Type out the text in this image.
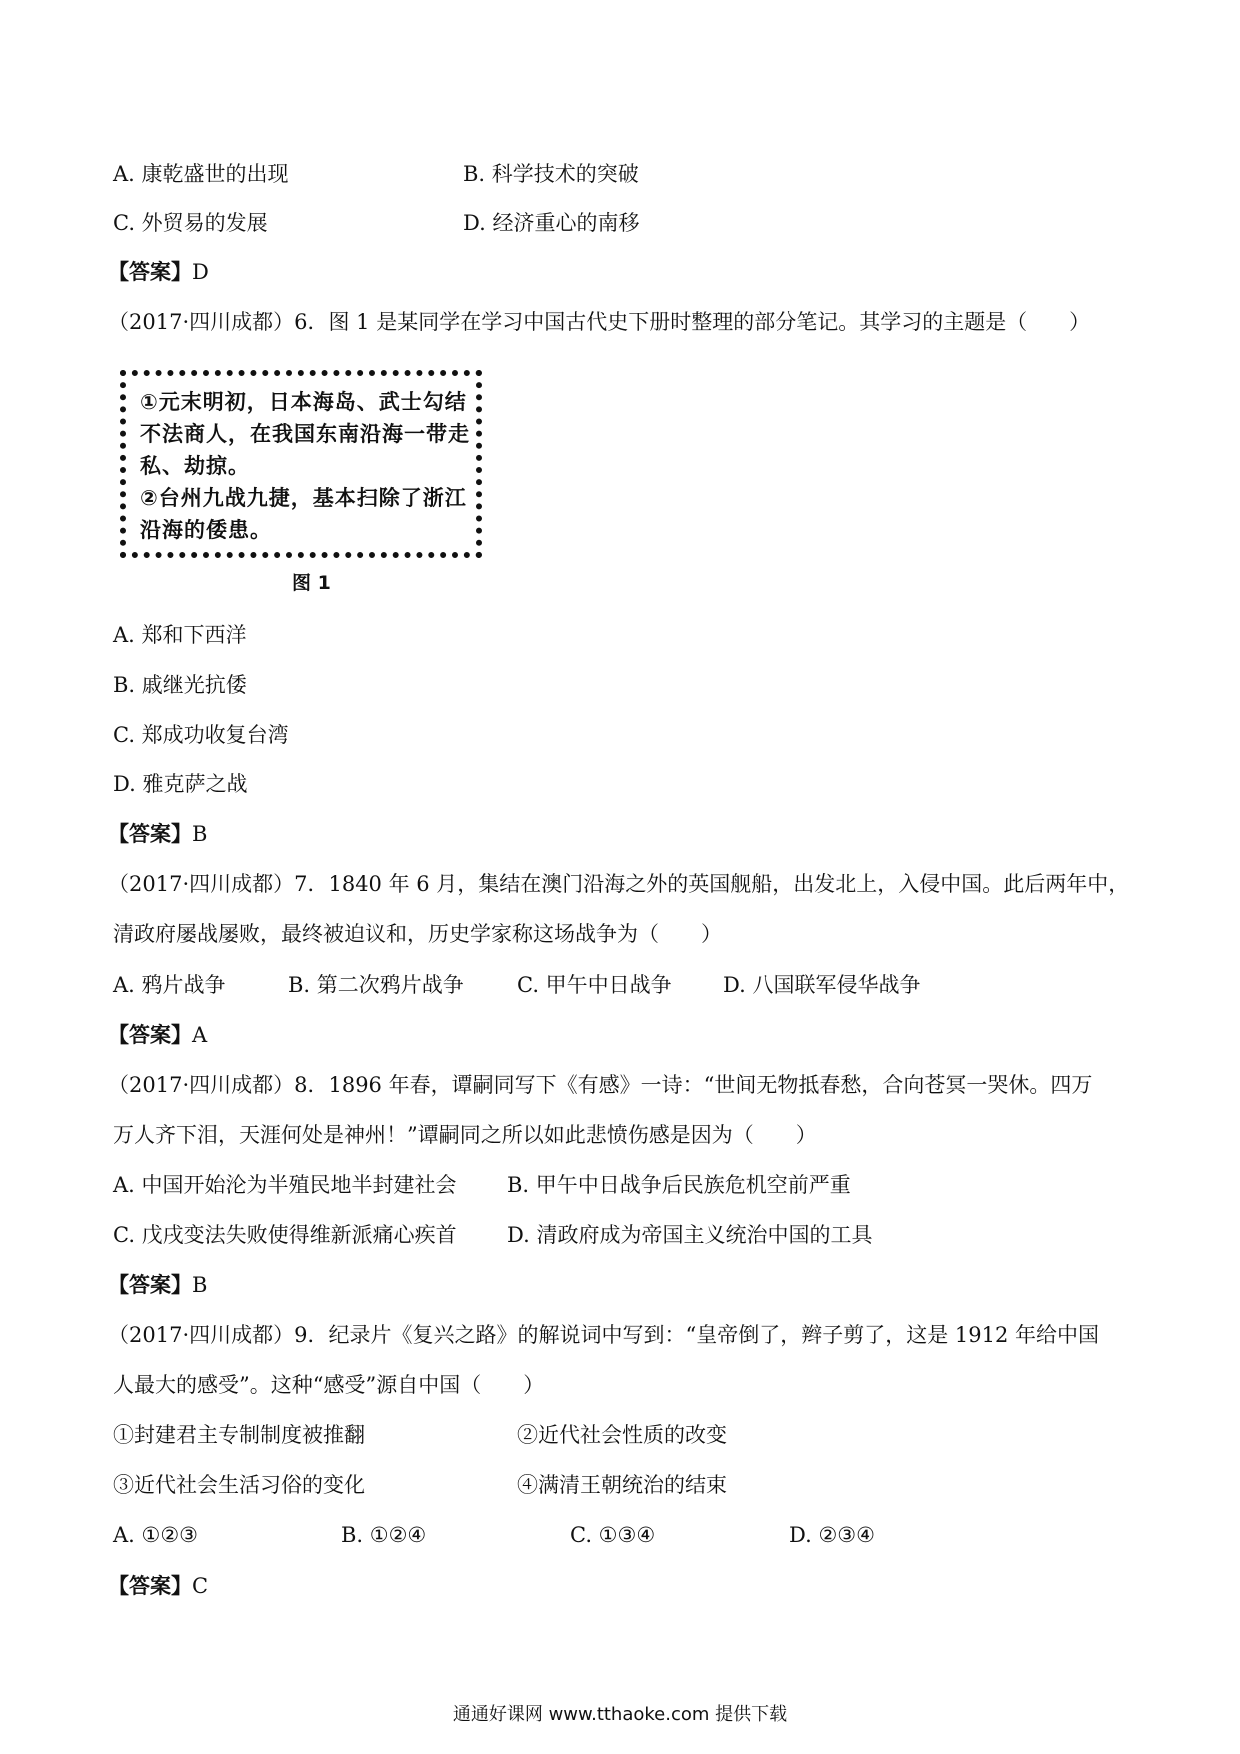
A. 康乾盛世的出现	B. 科学技术的突破
C. 外贸易的发展	D. 经济重心的南移
【答案】D
（2017·四川成都）6．图 1 是某同学在学习中国古代史下册时整理的部分笔记。其学习的主题是（　　）
①元末明初，日本海岛、武士勾结不法商人，在我国东南沿海一带走私、劫掠。
②台州九战九捷，基本扫除了浙江沿海的倭患。
图 1
A. 郑和下西洋
B. 戚继光抗倭
C. 郑成功收复台湾
D. 雅克萨之战
【答案】B
（2017·四川成都）7．1840 年 6 月，集结在澳门沿海之外的英国舰船，出发北上，入侵中国。此后两年中，
清政府屡战屡败，最终被迫议和，历史学家称这场战争为（　　）
A. 鸦片战争	B. 第二次鸦片战争	C. 甲午中日战争 D. 八国联军侵华战争
【答案】A
（2017·四川成都）8．1896 年春，谭嗣同写下《有感》一诗：“世间无物抵春愁，合向苍冥一哭休。四万
万人齐下泪，天涯何处是神州！”谭嗣同之所以如此悲愤伤感是因为（　　）
A. 中国开始沦为半殖民地半封建社会 B. 甲午中日战争后民族危机空前严重
C. 戊戌变法失败使得维新派痛心疾首 D. 清政府成为帝国主义统治中国的工具
【答案】B
（2017·四川成都）9．纪录片《复兴之路》的解说词中写到：“皇帝倒了，辫子剪了，这是 1912 年给中国
人最大的感受”。这种“感受”源自中国（　　）
①封建君主专制制度被推翻	②近代社会性质的改变
③近代社会生活习俗的变化	④满清王朝统治的结束
A. ①②③	B. ①②④	C. ①③④	D. ②③④
【答案】C
通通好课网 www.tthaoke.com 提供下载
